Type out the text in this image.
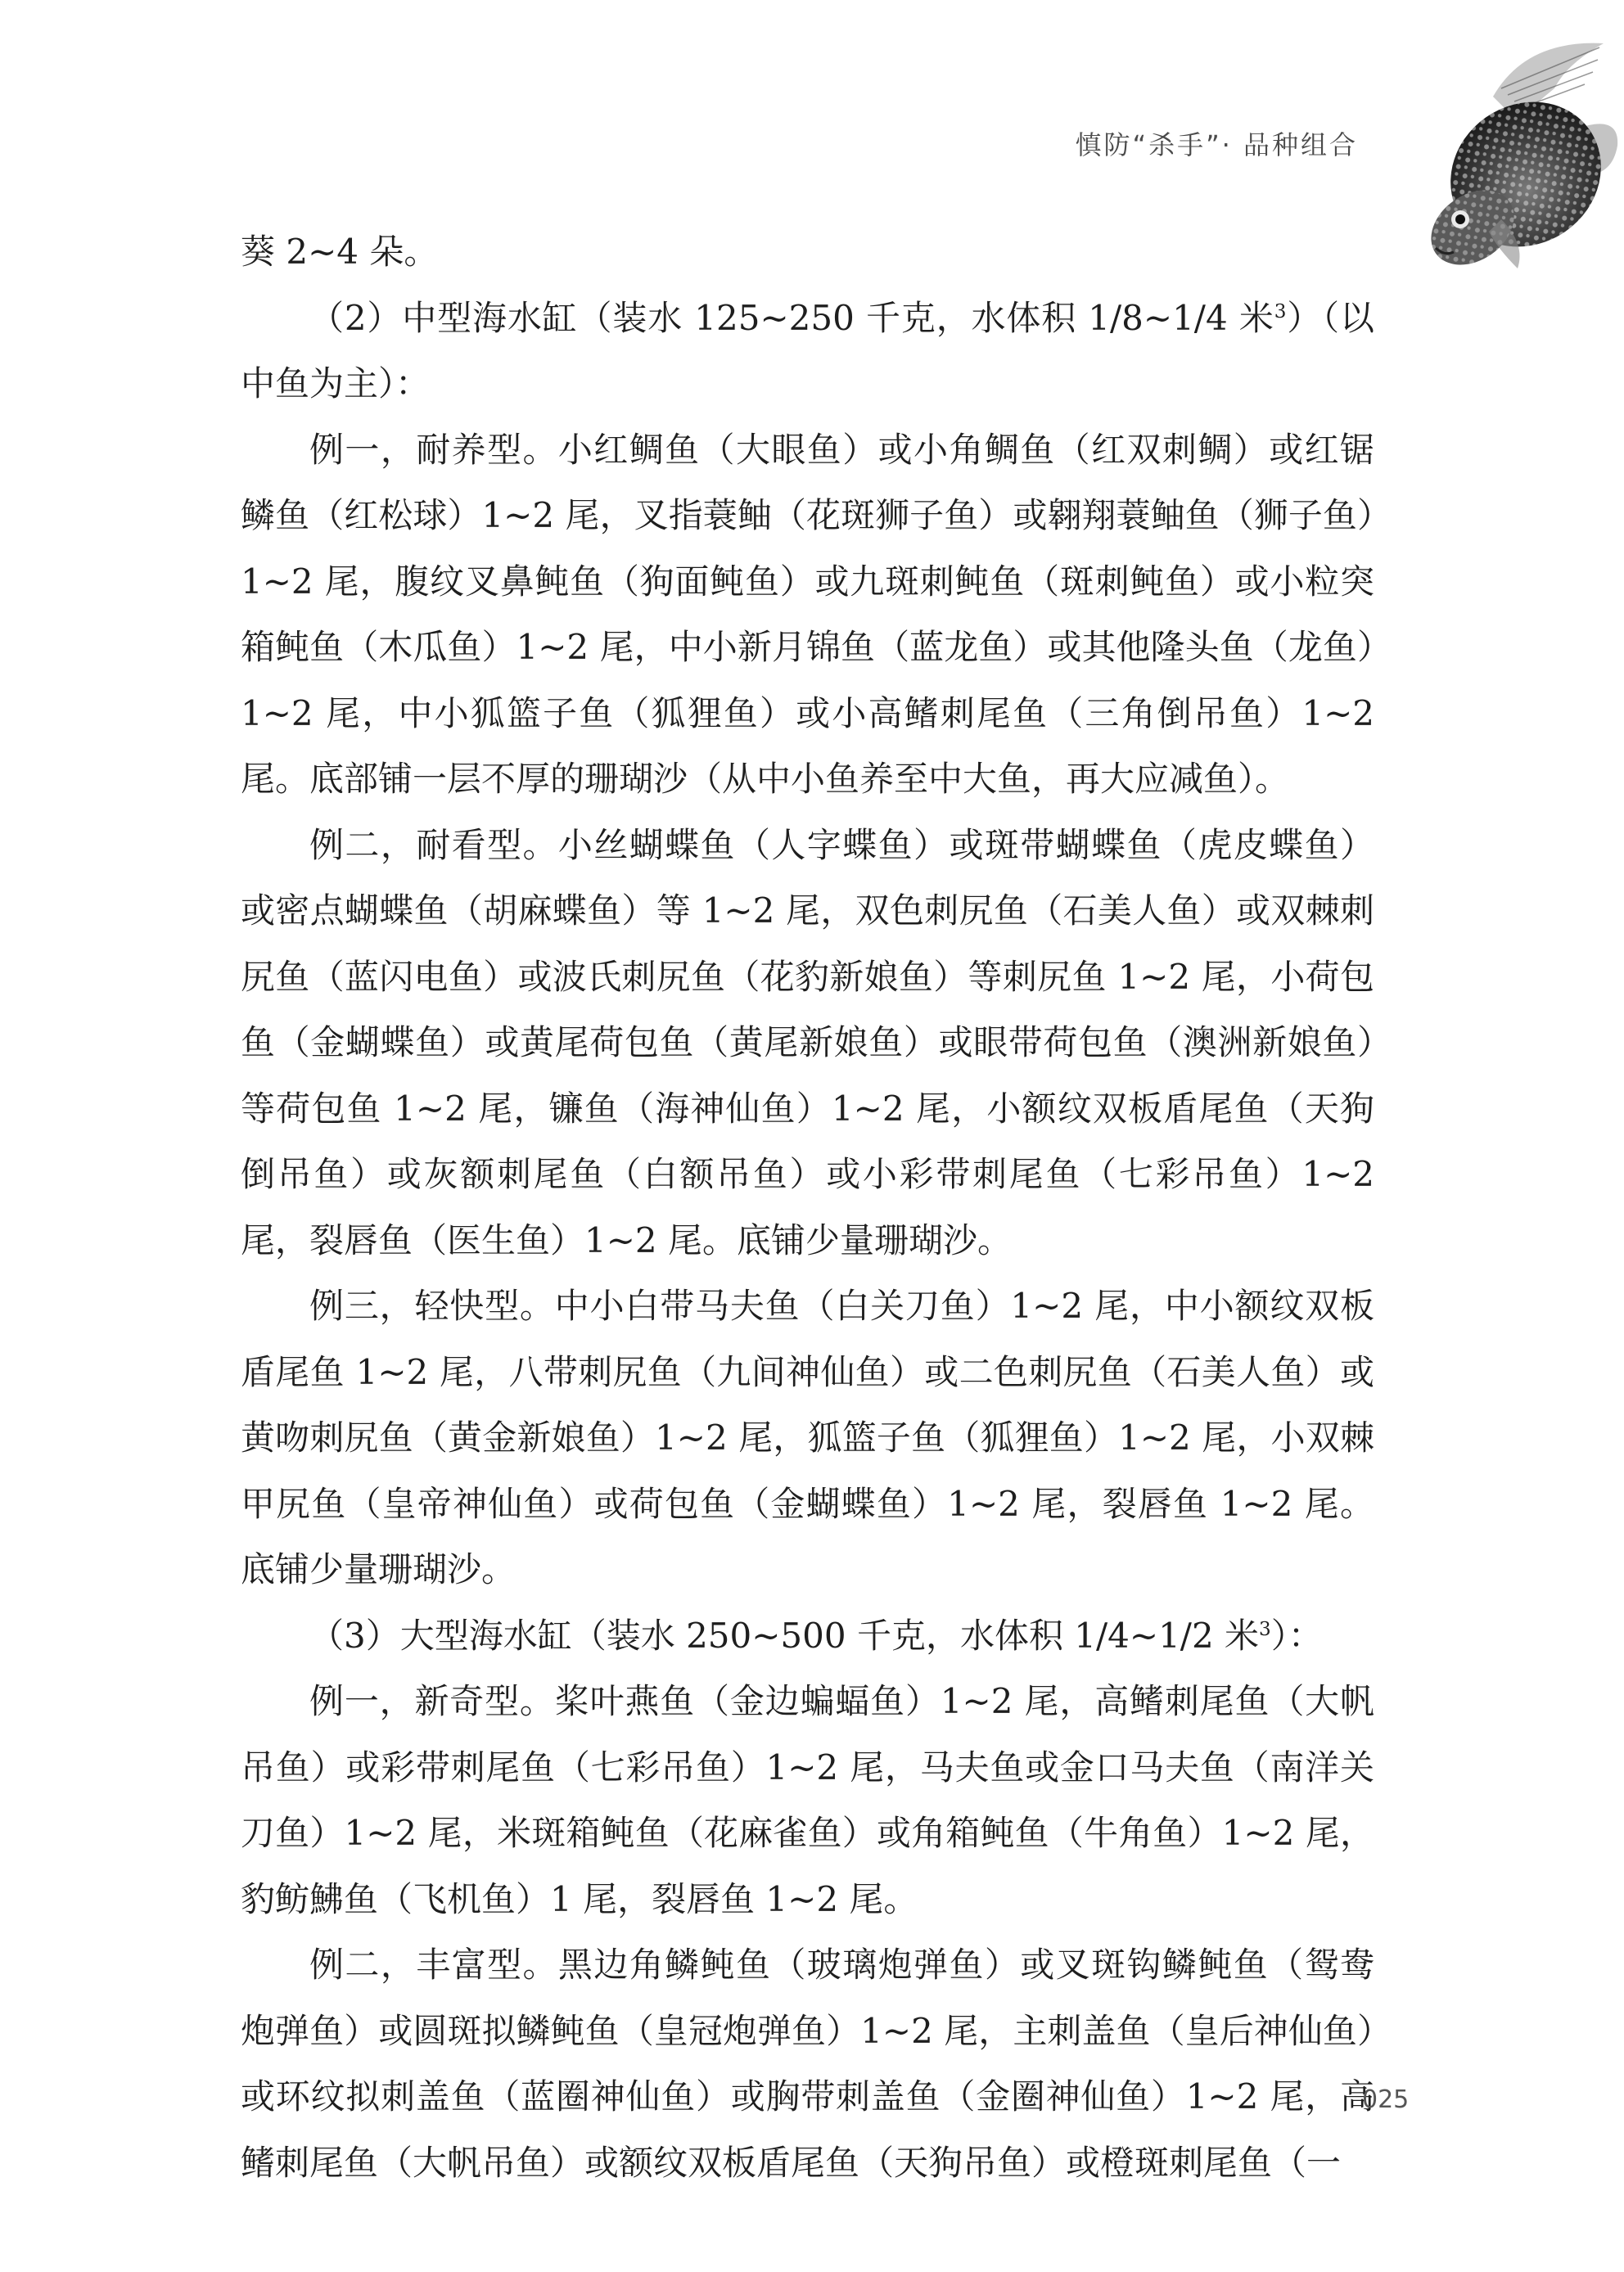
慎防“杀手”· 品种组合

葵 2~4 朵。

（2）中型海水缸（装水 125~250 千克，水体积 1/8~1/4 米$^3$）（以中鱼为主）：

例一，耐养型。小红鲷鱼（大眼鱼）或小角鲷鱼（红双刺鲷）或红锯鳞鱼（红松球）1~2 尾，叉指蓑鲉（花斑狮子鱼）或翱翔蓑鲉鱼（狮子鱼）1~2 尾，腹纹叉鼻鲀鱼（狗面鲀鱼）或九斑刺鲀鱼（斑刺鲀鱼）或小粒突箱鲀鱼（木瓜鱼）1~2 尾，中小新月锦鱼（蓝龙鱼）或其他隆头鱼（龙鱼）1~2 尾，中小狐篮子鱼（狐狸鱼）或小高鳍刺尾鱼（三角倒吊鱼）1~2 尾。底部铺一层不厚的珊瑚沙（从中小鱼养至中大鱼，再大应减鱼）。

例二，耐看型。小丝蝴蝶鱼（人字蝶鱼）或斑带蝴蝶鱼（虎皮蝶鱼）或密点蝴蝶鱼（胡麻蝶鱼）等 1~2 尾，双色刺尻鱼（石美人鱼）或双棘刺尻鱼（蓝闪电鱼）或波氏刺尻鱼（花豹新娘鱼）等刺尻鱼 1~2 尾，小荷包鱼（金蝴蝶鱼）或黄尾荷包鱼（黄尾新娘鱼）或眼带荷包鱼（澳洲新娘鱼）等荷包鱼 1~2 尾，镰鱼（海神仙鱼）1~2 尾，小额纹双板盾尾鱼（天狗倒吊鱼）或灰额刺尾鱼（白额吊鱼）或小彩带刺尾鱼（七彩吊鱼）1~2 尾，裂唇鱼（医生鱼）1~2 尾。底铺少量珊瑚沙。

例三，轻快型。中小白带马夫鱼（白关刀鱼）1~2 尾，中小额纹双板盾尾鱼 1~2 尾，八带刺尻鱼（九间神仙鱼）或二色刺尻鱼（石美人鱼）或黄吻刺尻鱼（黄金新娘鱼）1~2 尾，狐篮子鱼（狐狸鱼）1~2 尾，小双棘甲尻鱼（皇帝神仙鱼）或荷包鱼（金蝴蝶鱼）1~2 尾，裂唇鱼 1~2 尾。底铺少量珊瑚沙。

（3）大型海水缸（装水 250~500 千克，水体积 1/4~1/2 米$^3$）：

例一，新奇型。桨叶燕鱼（金边蝙蝠鱼）1~2 尾，高鳍刺尾鱼（大帆吊鱼）或彩带刺尾鱼（七彩吊鱼）1~2 尾，马夫鱼或金口马夫鱼（南洋关刀鱼）1~2 尾，米斑箱鲀鱼（花麻雀鱼）或角箱鲀鱼（牛角鱼）1~2 尾，豹鲂鮄鱼（飞机鱼）1 尾，裂唇鱼 1~2 尾。

例二，丰富型。黑边角鳞鲀鱼（玻璃炮弹鱼）或叉斑钩鳞鲀鱼（鸳鸯炮弹鱼）或圆斑拟鳞鲀鱼（皇冠炮弹鱼）1~2 尾，主刺盖鱼（皇后神仙鱼）或环纹拟刺盖鱼（蓝圈神仙鱼）或胸带刺盖鱼（金圈神仙鱼）1~2 尾，高鳍刺尾鱼（大帆吊鱼）或额纹双板盾尾鱼（天狗吊鱼）或橙斑刺尾鱼（一

025
